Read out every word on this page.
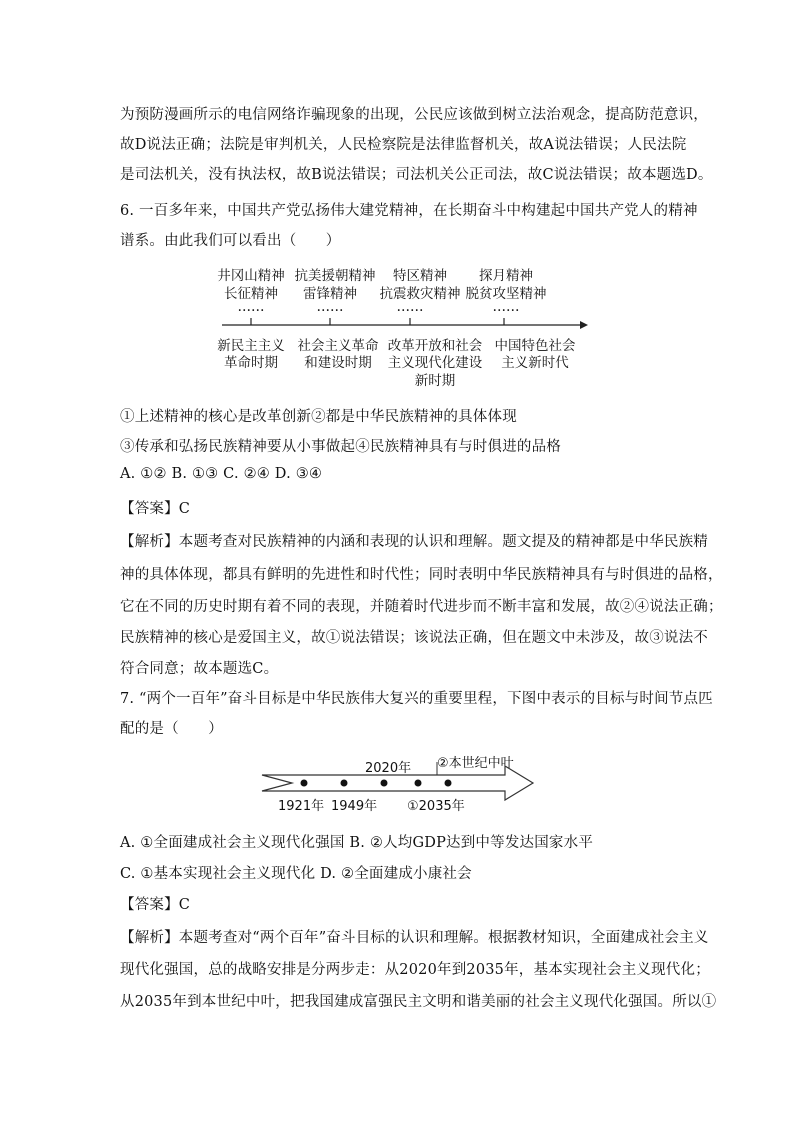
为预防漫画所示的电信网络诈骗现象的出现，公民应该做到树立法治观念，提高防范意识，
故D说法正确；法院是审判机关，人民检察院是法律监督机关，故A说法错误；人民法院
是司法机关，没有执法权，故B说法错误；司法机关公正司法，故C说法错误；故本题选D。
6. 一百多年来，中国共产党弘扬伟大建党精神，在长期奋斗中构建起中国共产党人的精神
谱系。由此我们可以看出（　　）
井冈山精神
长征精神
……
新民主主义
革命时期
抗美援朝精神
雷锋精神
……
社会主义革命
和建设时期
特区精神
抗震救灾精神
……
改革开放和社会
主义现代化建设
新时期
探月精神
脱贫攻坚精神
……
中国特色社会
主义新时代
①上述精神的核心是改革创新②都是中华民族精神的具体体现
③传承和弘扬民族精神要从小事做起④民族精神具有与时俱进的品格
A. ①② B. ①③ C. ②④ D. ③④
【答案】C
【解析】本题考查对民族精神的内涵和表现的认识和理解。题文提及的精神都是中华民族精
神的具体体现，都具有鲜明的先进性和时代性；同时表明中华民族精神具有与时俱进的品格，
它在不同的历史时期有着不同的表现，并随着时代进步而不断丰富和发展，故②④说法正确；
民族精神的核心是爱国主义，故①说法错误；该说法正确，但在题文中未涉及，故③说法不
符合同意；故本题选C。
7. “两个一百年”奋斗目标是中华民族伟大复兴的重要里程，下图中表示的目标与时间节点匹
配的是（　　）
2020年 ②本世纪中叶
1921年 1949年 ①2035年
A. ①全面建成社会主义现代化强国 B. ②人均GDP达到中等发达国家水平
C. ①基本实现社会主义现代化 D. ②全面建成小康社会
【答案】C
【解析】本题考查对“两个百年”奋斗目标的认识和理解。根据教材知识，全面建成社会主义
现代化强国，总的战略安排是分两步走：从2020年到2035年，基本实现社会主义现代化；
从2035年到本世纪中叶，把我国建成富强民主文明和谐美丽的社会主义现代化强国。所以①
